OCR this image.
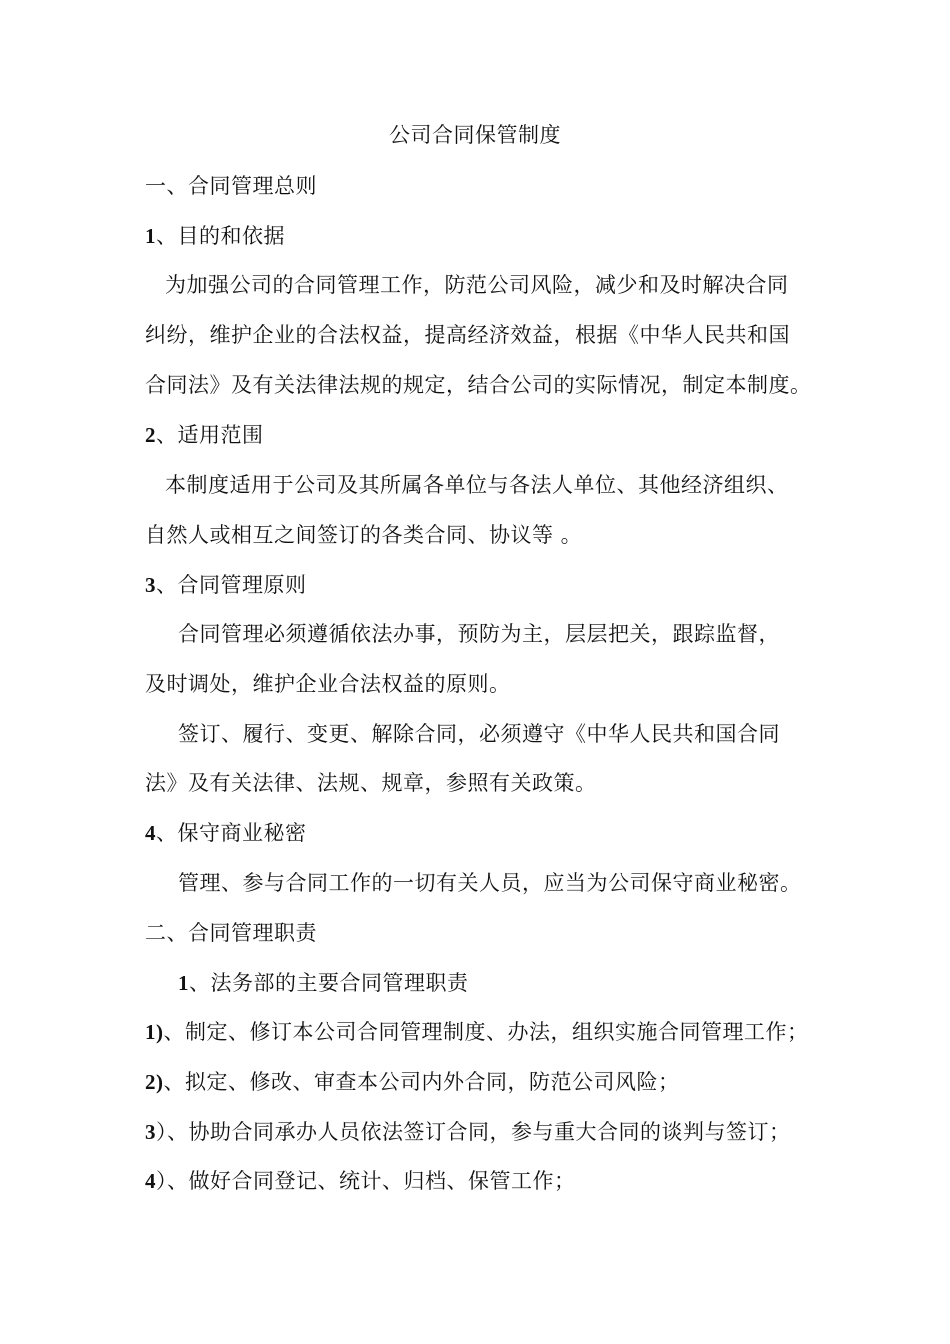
公司合同保管制度
一、合同管理总则
1、目的和依据
为加强公司的合同管理工作，防范公司风险，减少和及时解决合同
纠纷，维护企业的合法权益，提高经济效益，根据《中华人民共和国
合同法》及有关法律法规的规定，结合公司的实际情况，制定本制度。
2、适用范围
本制度适用于公司及其所属各单位与各法人单位、其他经济组织、
自然人或相互之间签订的各类合同、协议等 。
3、合同管理原则
合同管理必须遵循依法办事，预防为主，层层把关，跟踪监督，
及时调处，维护企业合法权益的原则。
签订、履行、变更、解除合同，必须遵守《中华人民共和国合同
法》及有关法律、法规、规章，参照有关政策。
4、保守商业秘密
管理、参与合同工作的一切有关人员，应当为公司保守商业秘密。
二、合同管理职责
1、法务部的主要合同管理职责
1)、制定、修订本公司合同管理制度、办法，组织实施合同管理工作；
2)、拟定、修改、审查本公司内外合同，防范公司风险；
3）、协助合同承办人员依法签订合同，参与重大合同的谈判与签订；
4）、做好合同登记、统计、归档、保管工作；
